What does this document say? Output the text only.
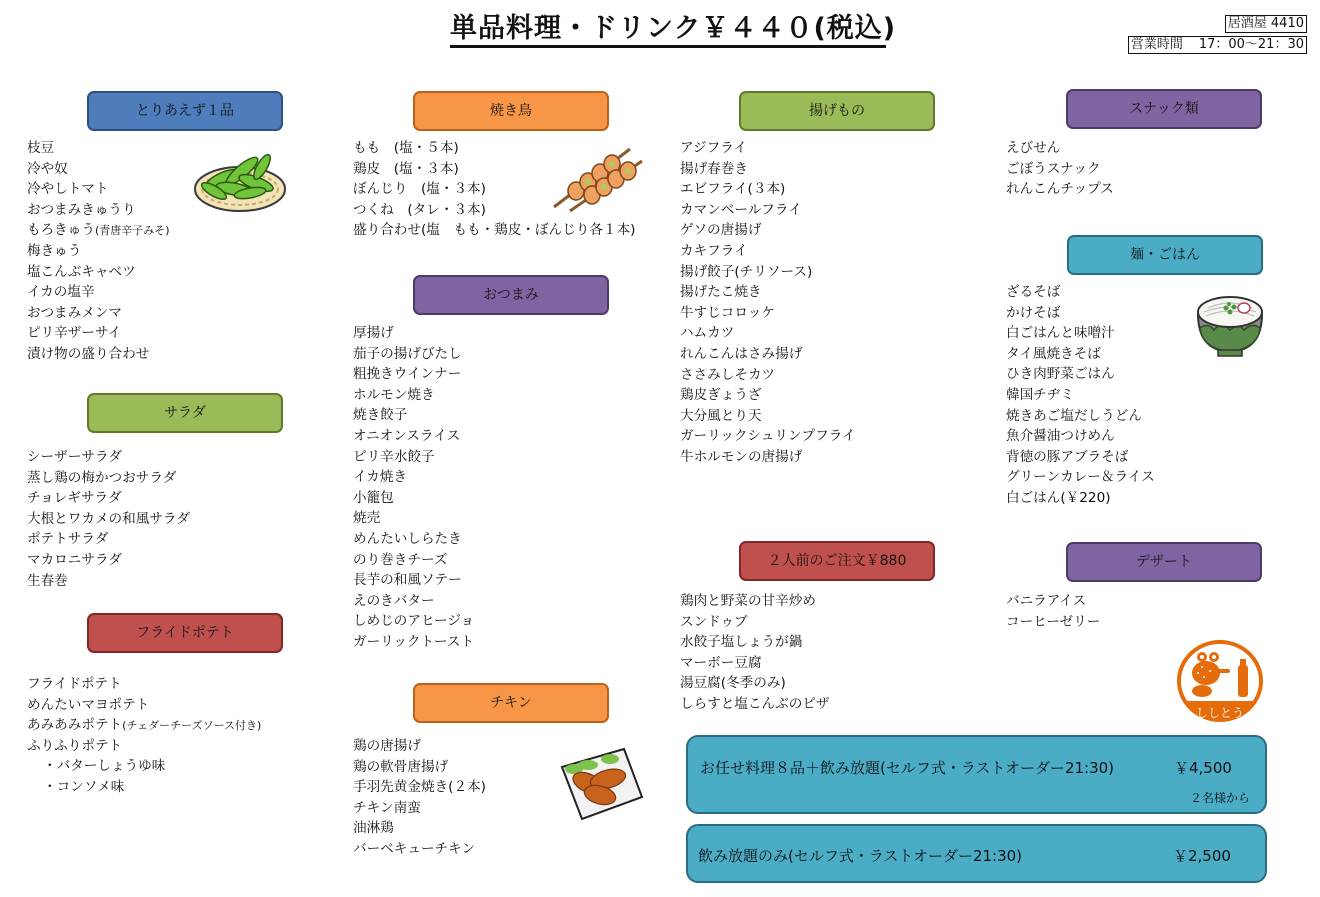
単品料理・ドリンク￥４４０(税込)	居酒屋 4410
営業時間 17：00～21：30
とりあえず１品
枝豆
冷や奴
冷やしトマト
おつまみきゅうり
もろきゅう(青唐辛子みそ)
梅きゅう
塩こんぶキャベツ
イカの塩辛
おつまみメンマ
ピリ辛ザーサイ
漬け物の盛り合わせ
サラダ
シーザーサラダ
蒸し鶏の梅かつおサラダ
チョレギサラダ
大根とワカメの和風サラダ
ポテトサラダ
マカロニサラダ
生春巻
フライドポテト
フライドポテト
めんたいマヨポテト
あみあみポテト(チェダーチーズソース付き)
ふりふりポテト
・バターしょうゆ味
・コンソメ味
焼き鳥
もも　(塩・５本)
鶏皮　(塩・３本)
ぼんじり　(塩・３本)
つくね　(タレ・３本)
盛り合わせ(塩　もも・鶏皮・ぼんじり各１本)
おつまみ
厚揚げ
茄子の揚げびたし
粗挽きウインナー
ホルモン焼き
焼き餃子
オニオンスライス
ピリ辛水餃子
イカ焼き
小籠包
焼売
めんたいしらたき
のり巻きチーズ
長芋の和風ソテー
えのきバター
しめじのアヒージョ
ガーリックトースト
チキン
鶏の唐揚げ
鶏の軟骨唐揚げ
手羽先黄金焼き(２本)
チキン南蛮
油淋鶏
バーベキューチキン
揚げもの
アジフライ
揚げ春巻き
エビフライ(３本)
カマンベールフライ
ゲソの唐揚げ
カキフライ
揚げ餃子(チリソース)
揚げたこ焼き
牛すじコロッケ
ハムカツ
れんこんはさみ揚げ
ささみしそカツ
鶏皮ぎょうざ
大分風とり天
ガーリックシュリンプフライ
牛ホルモンの唐揚げ
２人前のご注文￥880
鶏肉と野菜の甘辛炒め
スンドゥブ
水餃子塩しょうが鍋
マーボー豆腐
湯豆腐(冬季のみ)
しらすと塩こんぶのピザ
スナック類
えびせん
ごぼうスナック
れんこんチップス
麺・ごはん
ざるそば
かけそば
白ごはんと味噌汁
タイ風焼きそば
ひき肉野菜ごはん
韓国チヂミ
焼きあご塩だしうどん
魚介醤油つけめん
背徳の豚アブラそば
グリーンカレー＆ライス
白ごはん(￥220)
デザート
バニラアイス
コーヒーゼリー
ししとう
お任せ料理８品＋飲み放題(セルフ式・ラストオーダー21:30)	￥4,500
２名様から
飲み放題のみ(セルフ式・ラストオーダー21:30)	￥2,500
